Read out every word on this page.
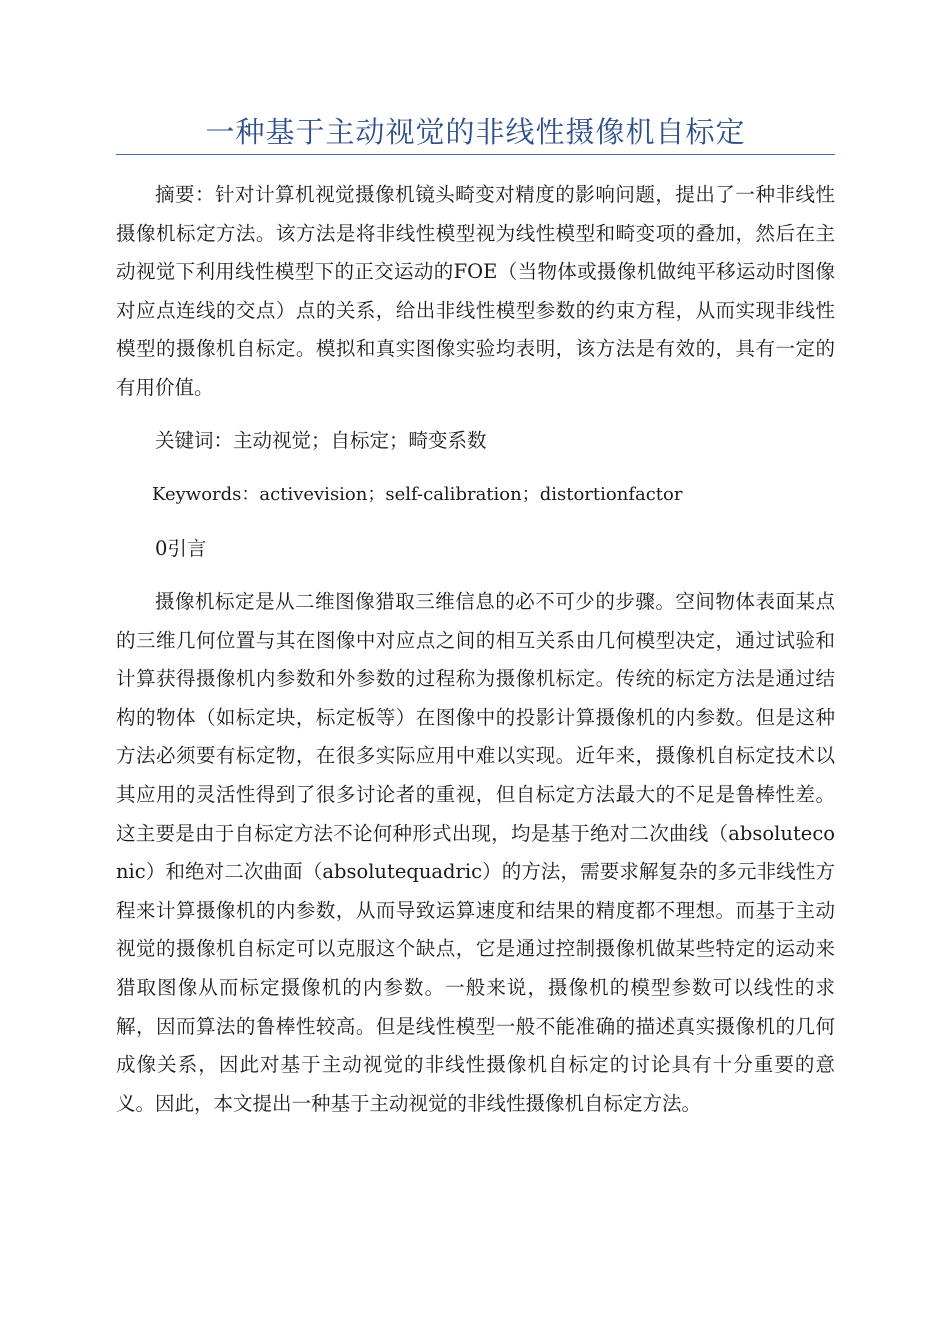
一种基于主动视觉的非线性摄像机自标定

摘要：针对计算机视觉摄像机镜头畸变对精度的影响问题，提出了一种非线性摄像机标定方法。该方法是将非线性模型视为线性模型和畸变项的叠加，然后在主动视觉下利用线性模型下的正交运动的FOE（当物体或摄像机做纯平移运动时图像对应点连线的交点）点的关系，给出非线性模型参数的约束方程，从而实现非线性模型的摄像机自标定。模拟和真实图像实验均表明，该方法是有效的，具有一定的有用价值。

关键词：主动视觉；自标定；畸变系数

Keywords：activevision；self-calibration；distortionfactor

0引言

摄像机标定是从二维图像猎取三维信息的必不可少的步骤。空间物体表面某点的三维几何位置与其在图像中对应点之间的相互关系由几何模型决定，通过试验和计算获得摄像机内参数和外参数的过程称为摄像机标定。传统的标定方法是通过结构的物体（如标定块，标定板等）在图像中的投影计算摄像机的内参数。但是这种方法必须要有标定物，在很多实际应用中难以实现。近年来，摄像机自标定技术以其应用的灵活性得到了很多讨论者的重视，但自标定方法最大的不足是鲁棒性差。这主要是由于自标定方法不论何种形式出现，均是基于绝对二次曲线（absoluteconic）和绝对二次曲面（absolutequadric）的方法，需要求解复杂的多元非线性方程来计算摄像机的内参数，从而导致运算速度和结果的精度都不理想。而基于主动视觉的摄像机自标定可以克服这个缺点，它是通过控制摄像机做某些特定的运动来猎取图像从而标定摄像机的内参数。一般来说，摄像机的模型参数可以线性的求解，因而算法的鲁棒性较高。但是线性模型一般不能准确的描述真实摄像机的几何成像关系，因此对基于主动视觉的非线性摄像机自标定的讨论具有十分重要的意义。因此，本文提出一种基于主动视觉的非线性摄像机自标定方法。
